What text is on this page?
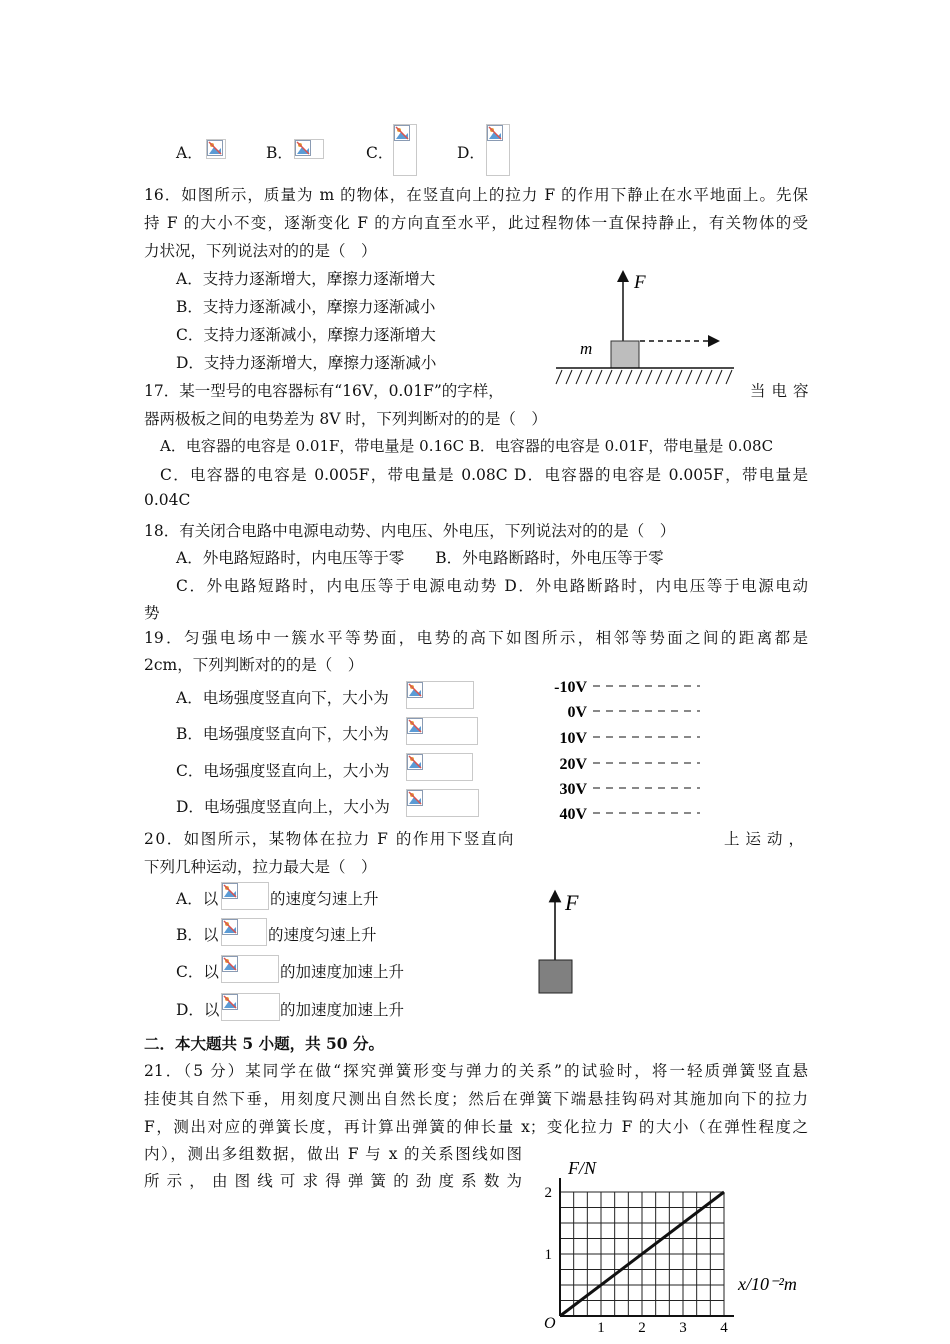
A．	B．	C．	D．
16．如图所示，质量为 m 的物体，在竖直向上的拉力 F 的作用下静止在水平地面上。先保
持 F 的大小不变，逐渐变化 F 的方向直至水平，此过程物体一直保持静止，有关物体的受
力状况，下列说法对的的是（　）
A．支持力逐渐增大，摩擦力逐渐增大
B．支持力逐渐减小，摩擦力逐渐减小
C．支持力逐渐减小，摩擦力逐渐增大
D．支持力逐渐增大，摩擦力逐渐减小
F
m
17．某一型号的电容器标有“16V，0.01F”的字样，	当电容
器两极板之间的电势差为 8V 时，下列判断对的的是（　）
A．电容器的电容是 0.01F，带电量是 0.16C B．电容器的电容是 0.01F，带电量是 0.08C
C．电容器的电容是 0.005F，带电量是 0.08C D．电容器的电容是 0.005F，带电量是
0.04C
18．有关闭合电路中电源电动势、内电压、外电压，下列说法对的的是（　）
A．外电路短路时，内电压等于零　　B．外电路断路时，外电压等于零
C．外电路短路时，内电压等于电源电动势 D．外电路断路时，内电压等于电源电动
势
19．匀强电场中一簇水平等势面，电势的高下如图所示，相邻等势面之间的距离都是
2cm，下列判断对的的是（　）
A．电场强度竖直向下，大小为
B．电场强度竖直向下，大小为
C．电场强度竖直向上，大小为
D．电场强度竖直向上，大小为
-10V
0V
10V
20V
30V
40V
20．如图所示，某物体在拉力 F 的作用下竖直向	上运动，
下列几种运动，拉力最大是（　）
A．以	的速度匀速上升
B．以	的速度匀速上升
C．以	的加速度加速上升
D．以	的加速度加速上升
F
二．本大题共 5 小题，共 50 分。
21．（5 分）某同学在做“探究弹簧形变与弹力的关系”的试验时，将一轻质弹簧竖直悬
挂使其自然下垂，用刻度尺测出自然长度；然后在弹簧下端悬挂钩码对其施加向下的拉力
F，测出对应的弹簧长度，再计算出弹簧的伸长量 x；变化拉力 F 的大小（在弹性程度之
内），测出多组数据，做出 F 与 x 的关系图线如图
所示，由图线可求得弹簧的劲度系数为
1 2 3 4
1
2
F/N
x/10⁻²m
O
